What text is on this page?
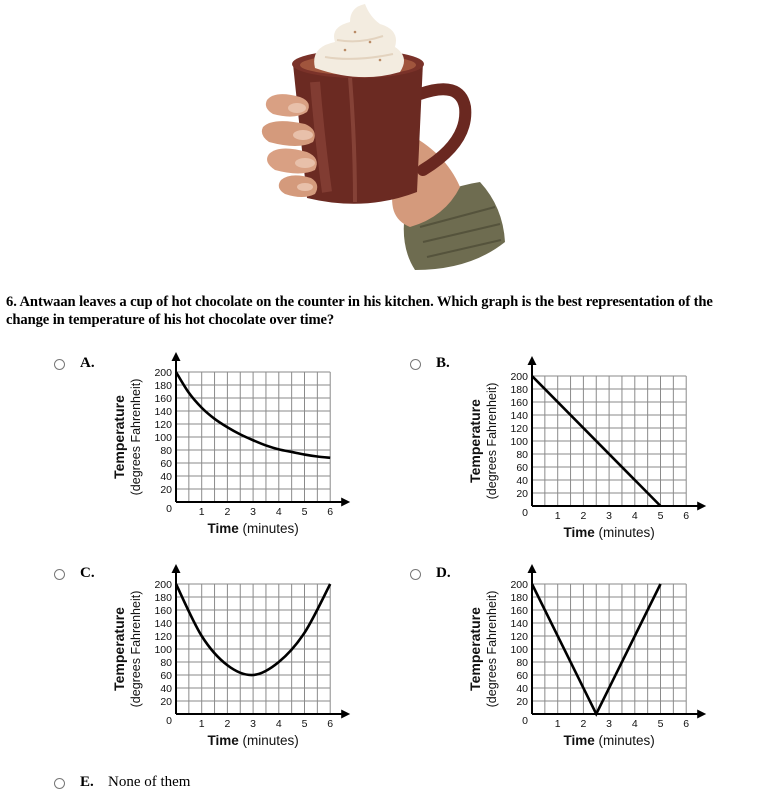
6. Antwaan leaves a cup of hot chocolate on the counter in his kitchen. Which graph is the best representation of the change in temperature of his hot chocolate over time?
A.	B.
C.	D.
E. None of them
20
40
60
80
100
120
140
160
180
200
0	1 2 3 4 5 6
Time (minutes)
Temperature (degrees Fahrenheit)	20
40
60
80
100
120
140
160
180
200
0	1 2 3 4 5 6
Time (minutes)
Temperature (degrees Fahrenheit)
20
40
60
80
100
120
140
160
180
200
0	1 2 3 4 5 6
Time (minutes)
Temperature (degrees Fahrenheit)	20
40
60
80
100
120
140
160
180
200
0	1 2 3 4 5 6
Time (minutes)
Temperature (degrees Fahrenheit)
